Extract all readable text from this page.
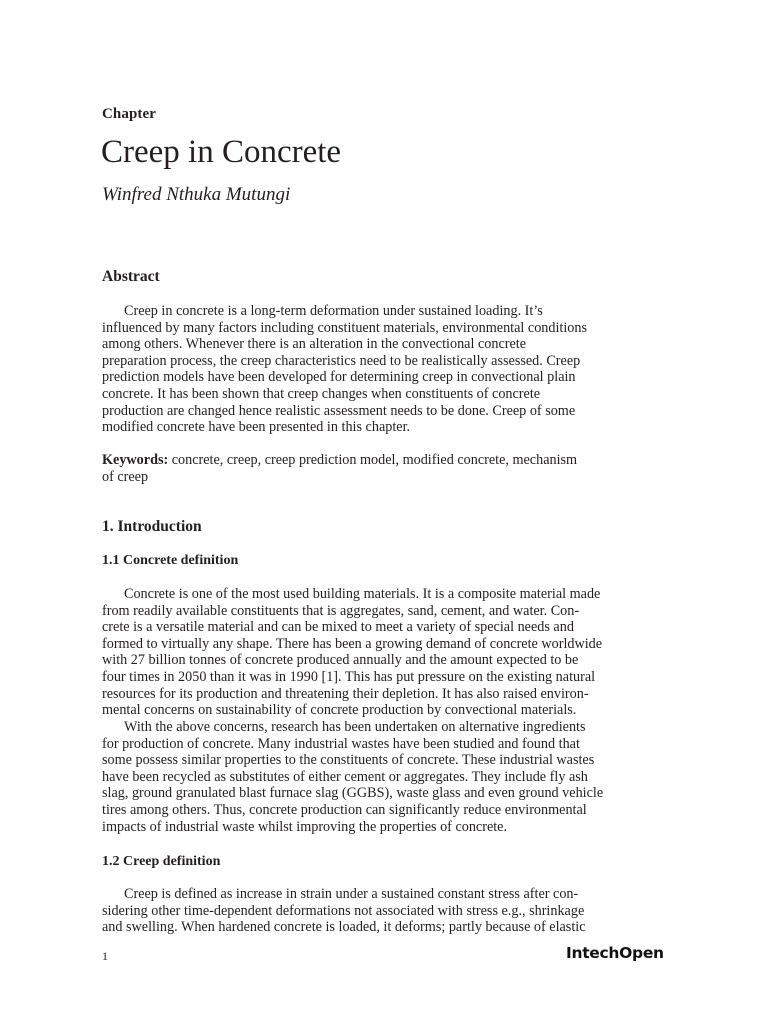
Chapter
Creep in Concrete
Winfred Nthuka Mutungi
Abstract

Creep in concrete is a long-term deformation under sustained loading. It’s
influenced by many factors including constituent materials, environmental conditions
among others. Whenever there is an alteration in the convectional concrete
preparation process, the creep characteristics need to be realistically assessed. Creep
prediction models have been developed for determining creep in convectional plain
concrete. It has been shown that creep changes when constituents of concrete
production are changed hence realistic assessment needs to be done. Creep of some
modified concrete have been presented in this chapter.

Keywords: concrete, creep, creep prediction model, modified concrete, mechanism
of creep

1. Introduction
1.1 Concrete definition

Concrete is one of the most used building materials. It is a composite material made
from readily available constituents that is aggregates, sand, cement, and water. Con-
crete is a versatile material and can be mixed to meet a variety of special needs and
formed to virtually any shape. There has been a growing demand of concrete worldwide
with 27 billion tonnes of concrete produced annually and the amount expected to be
four times in 2050 than it was in 1990 [1]. This has put pressure on the existing natural
resources for its production and threatening their depletion. It has also raised environ-
mental concerns on sustainability of concrete production by convectional materials.

With the above concerns, research has been undertaken on alternative ingredients
for production of concrete. Many industrial wastes have been studied and found that
some possess similar properties to the constituents of concrete. These industrial wastes
have been recycled as substitutes of either cement or aggregates. They include fly ash
slag, ground granulated blast furnace slag (GGBS), waste glass and even ground vehicle
tires among others. Thus, concrete production can significantly reduce environmental
impacts of industrial waste whilst improving the properties of concrete.

1.2 Creep definition

Creep is defined as increase in strain under a sustained constant stress after con-
sidering other time-dependent deformations not associated with stress e.g., shrinkage
and swelling. When hardened concrete is loaded, it deforms; partly because of elastic

1	IntechOpen
